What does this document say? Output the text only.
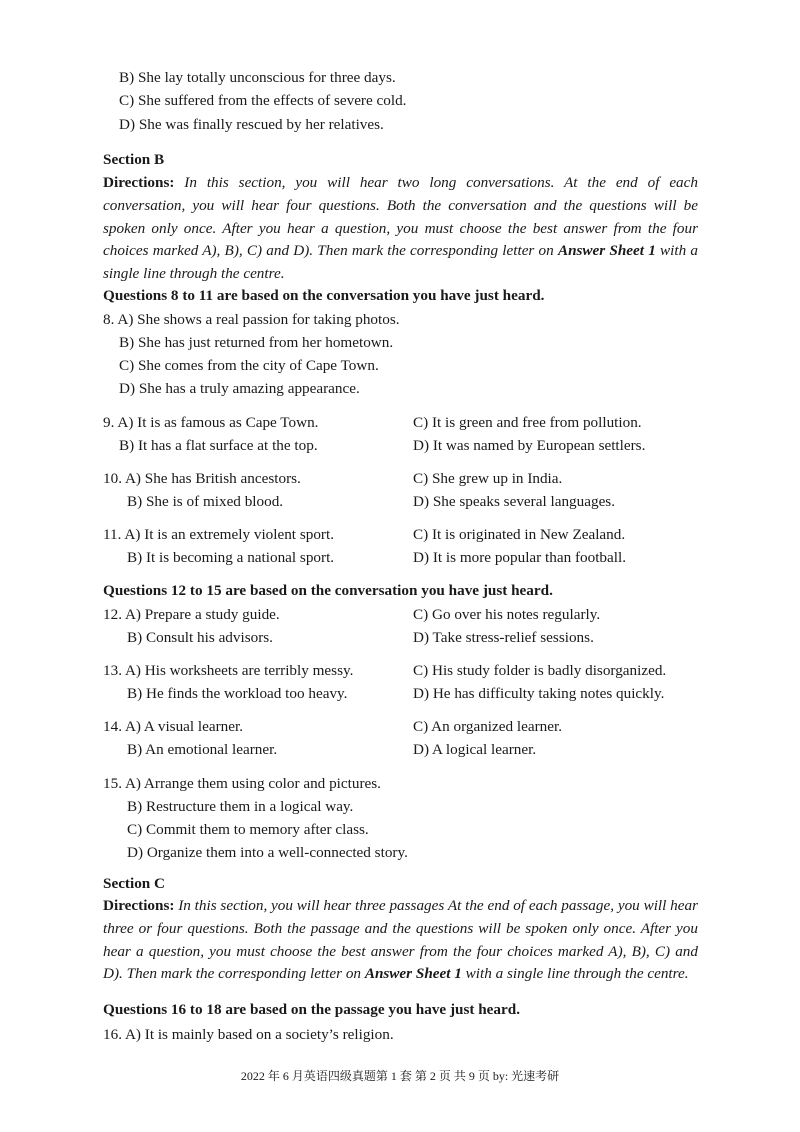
B) She lay totally unconscious for three days.
C) She suffered from the effects of severe cold.
D) She was finally rescued by her relatives.
Section B
Directions: In this section, you will hear two long conversations. At the end of each conversation, you will hear four questions. Both the conversation and the questions will be spoken only once. After you hear a question, you must choose the best answer from the four choices marked A), B), C) and D). Then mark the corresponding letter on Answer Sheet 1 with a single line through the centre.
Questions 8 to 11 are based on the conversation you have just heard.
8. A) She shows a real passion for taking photos.
B) She has just returned from her hometown.
C) She comes from the city of Cape Town.
D) She has a truly amazing appearance.
9. A) It is as famous as Cape Town.
B) It has a flat surface at the top.
C) It is green and free from pollution.
D) It was named by European settlers.
10. A) She has British ancestors.
B) She is of mixed blood.
C) She grew up in India.
D) She speaks several languages.
11. A) It is an extremely violent sport.
B) It is becoming a national sport.
C) It is originated in New Zealand.
D) It is more popular than football.
Questions 12 to 15 are based on the conversation you have just heard.
12. A) Prepare a study guide.
B) Consult his advisors.
C) Go over his notes regularly.
D) Take stress-relief sessions.
13. A) His worksheets are terribly messy.
B) He finds the workload too heavy.
C) His study folder is badly disorganized.
D) He has difficulty taking notes quickly.
14. A) A visual learner.
B) An emotional learner.
C) An organized learner.
D) A logical learner.
15. A) Arrange them using color and pictures.
B) Restructure them in a logical way.
C) Commit them to memory after class.
D) Organize them into a well-connected story.
Section C
Directions: In this section, you will hear three passages At the end of each passage, you will hear three or four questions. Both the passage and the questions will be spoken only once. After you hear a question, you must choose the best answer from the four choices marked A), B), C) and D). Then mark the corresponding letter on Answer Sheet 1 with a single line through the centre.
Questions 16 to 18 are based on the passage you have just heard.
16. A) It is mainly based on a society’s religion.
2022 年 6 月英语四级真题第 1 套 第 2 页 共 9 页 by: 光速考研
